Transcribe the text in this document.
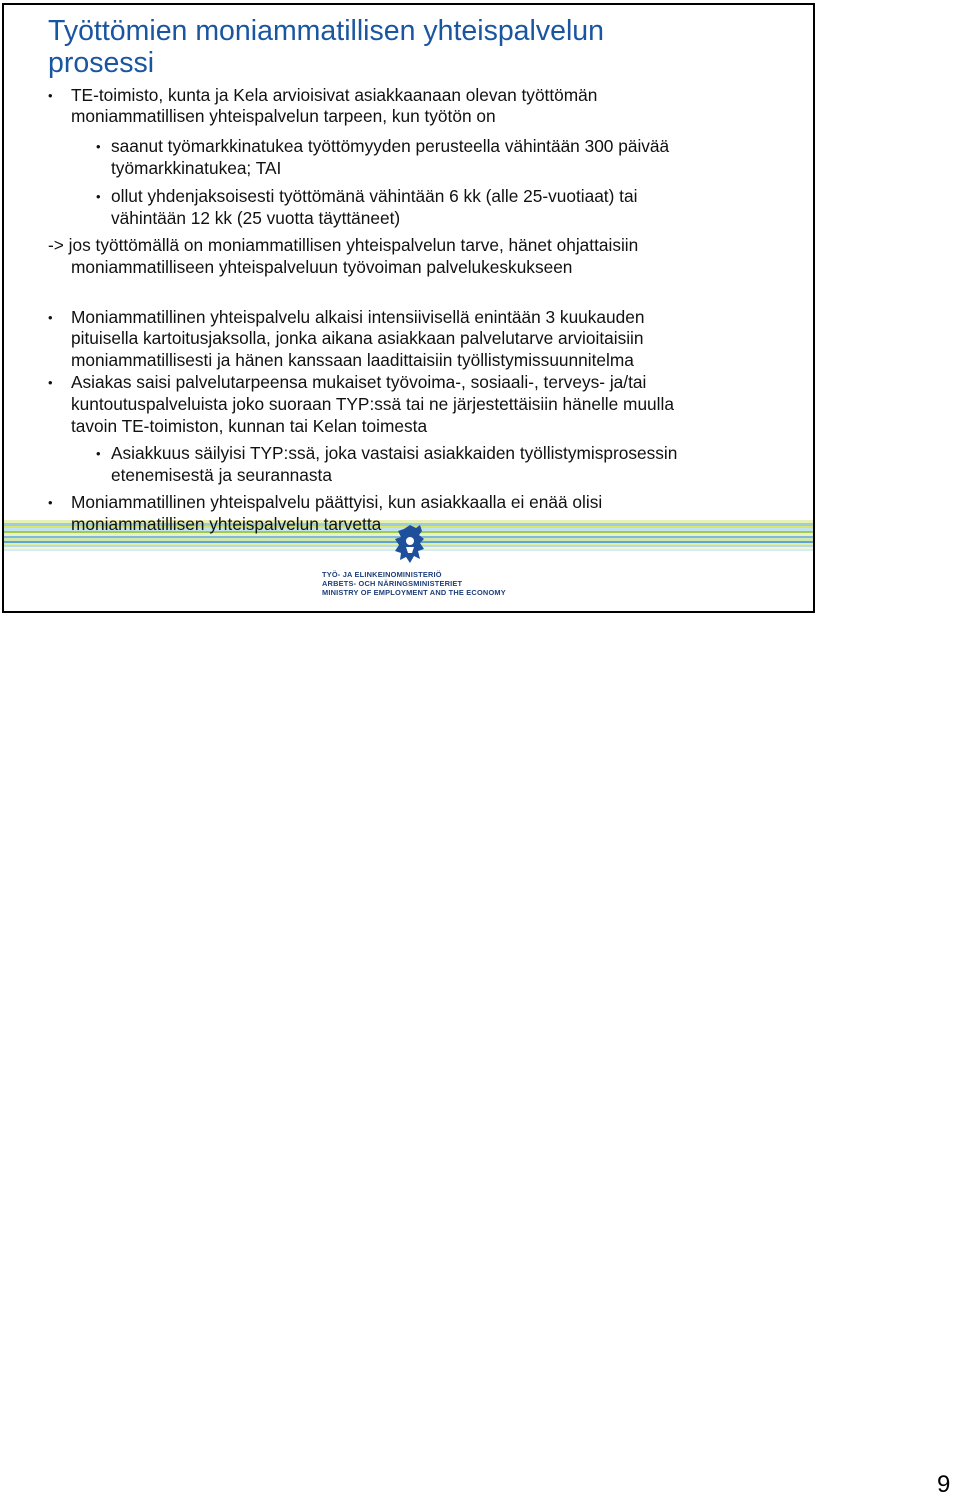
Työttömien moniammatillisen yhteispalvelun
prosessi
TYÖ- JA ELINKEINOMINISTERIÖ
ARBETS- OCH NÄRINGSMINISTERIET
MINISTRY OF EMPLOYMENT AND THE ECONOMY
• TE-toimisto, kunta ja Kela arvioisivat asiakkaanaan olevan työttömän
moniammatillisen yhteispalvelun tarpeen, kun työtön on
• saanut työmarkkinatukea työttömyyden perusteella vähintään 300 päivää
työmarkkinatukea; TAI
• ollut yhdenjaksoisesti työttömänä vähintään 6 kk (alle 25-vuotiaat) tai
vähintään 12 kk (25 vuotta täyttäneet)
-> jos työttömällä on moniammatillisen yhteispalvelun tarve, hänet ohjattaisiin
moniammatilliseen yhteispalveluun työvoiman palvelukeskukseen
• Moniammatillinen yhteispalvelu alkaisi intensiivisellä enintään 3 kuukauden
pituisella kartoitusjaksolla, jonka aikana asiakkaan palvelutarve arvioitaisiin
moniammatillisesti ja hänen kanssaan laadittaisiin työllistymissuunnitelma
• Asiakas saisi palvelutarpeensa mukaiset työvoima-, sosiaali-, terveys- ja/tai
kuntoutuspalveluista joko suoraan TYP:ssä tai ne järjestettäisiin hänelle muulla
tavoin TE-toimiston, kunnan tai Kelan toimesta
• Asiakkuus säilyisi TYP:ssä, joka vastaisi asiakkaiden työllistymisprosessin
etenemisestä ja seurannasta
• Moniammatillinen yhteispalvelu päättyisi, kun asiakkaalla ei enää olisi
moniammatillisen yhteispalvelun tarvetta
9
